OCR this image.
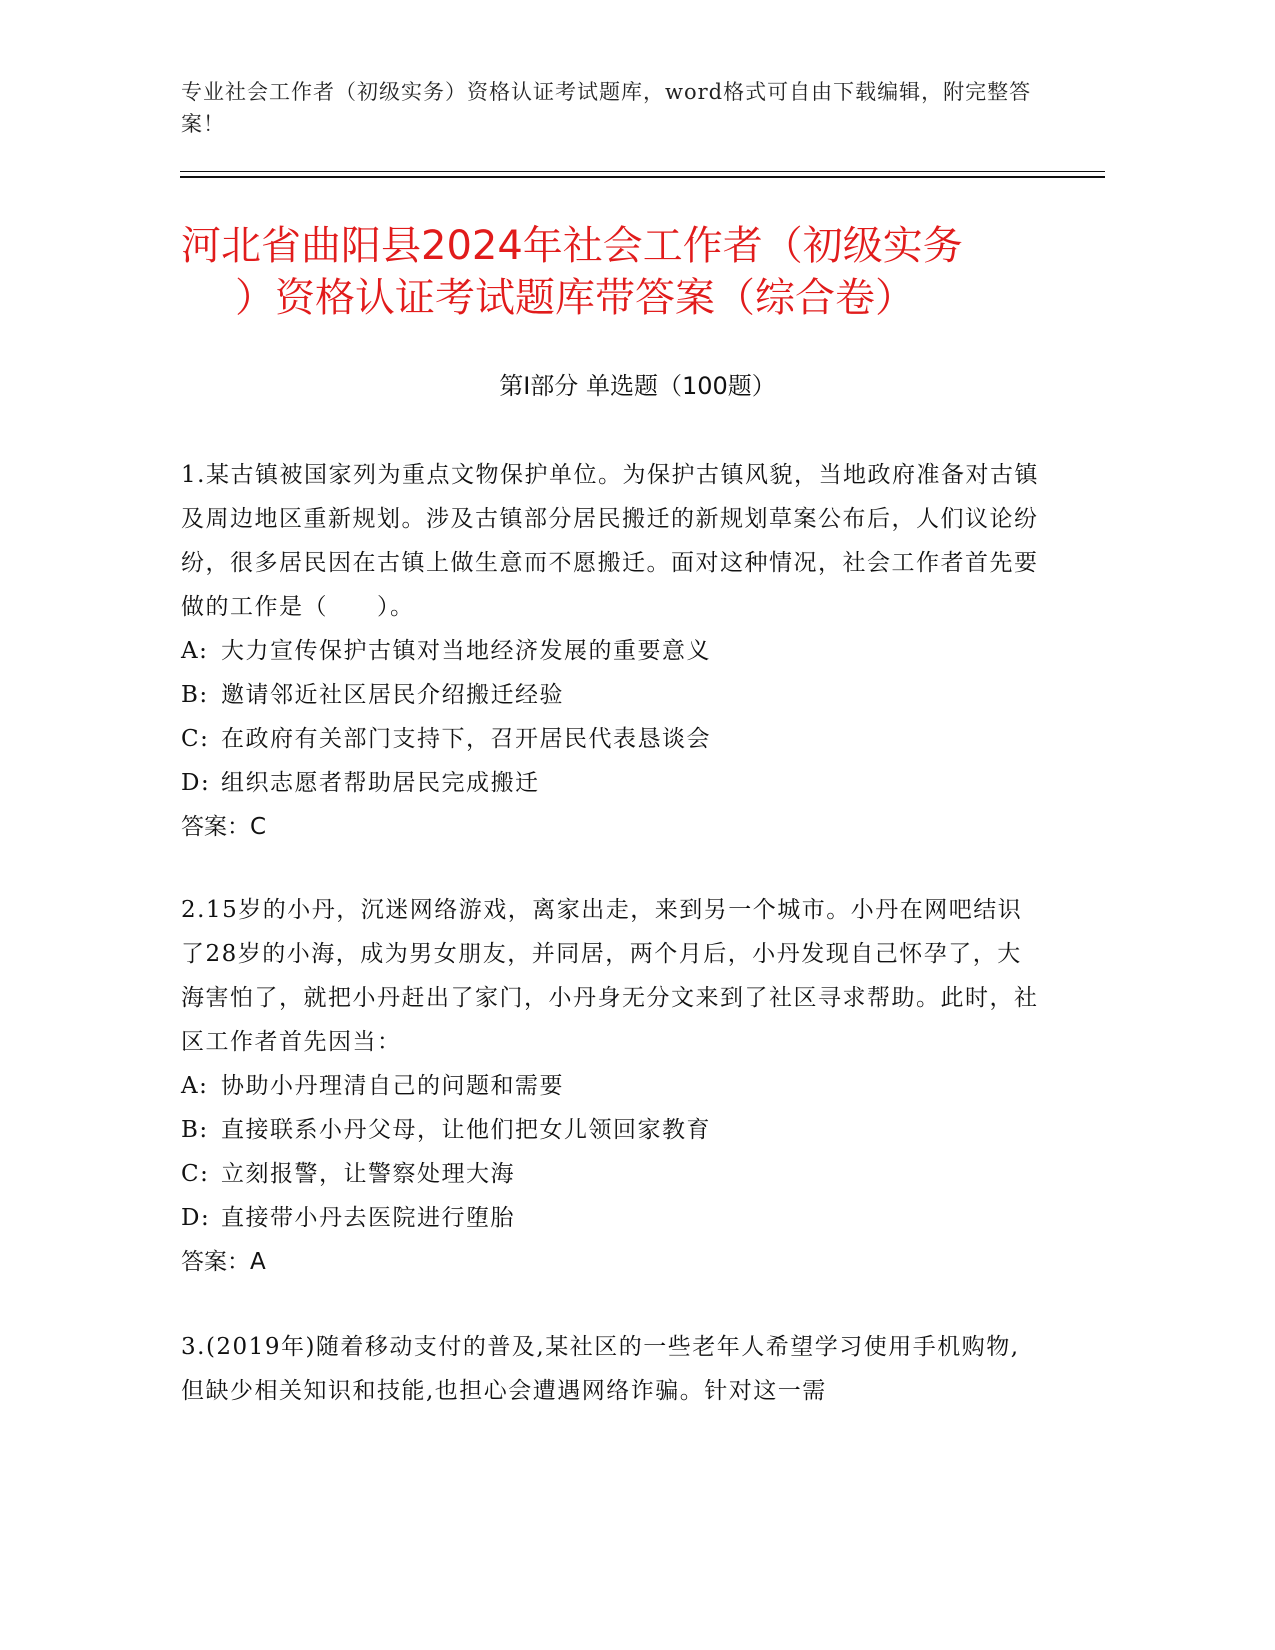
专业社会工作者（初级实务）资格认证考试题库，word格式可自由下载编辑，附完整答案！
河北省曲阳县2024年社会工作者（初级实务
）资格认证考试题库带答案（综合卷）
第I部分 单选题（100题）
1.某古镇被国家列为重点文物保护单位。为保护古镇风貌，当地政府准备对古镇及周边地区重新规划。涉及古镇部分居民搬迁的新规划草案公布后，人们议论纷纷，很多居民因在古镇上做生意而不愿搬迁。面对这种情况，社会工作者首先要做的工作是（　　）。
A: 大力宣传保护古镇对当地经济发展的重要意义
B: 邀请邻近社区居民介绍搬迁经验
C: 在政府有关部门支持下，召开居民代表恳谈会
D: 组织志愿者帮助居民完成搬迁
答案：C
2.15岁的小丹，沉迷网络游戏，离家出走，来到另一个城市。小丹在网吧结识了28岁的小海，成为男女朋友，并同居，两个月后，小丹发现自己怀孕了，大海害怕了，就把小丹赶出了家门，小丹身无分文来到了社区寻求帮助。此时，社区工作者首先因当：
A: 协助小丹理清自己的问题和需要
B: 直接联系小丹父母，让他们把女儿领回家教育
C: 立刻报警，让警察处理大海
D: 直接带小丹去医院进行堕胎
答案：A
3.(2019年)随着移动支付的普及,某社区的一些老年人希望学习使用手机购物,但缺少相关知识和技能,也担心会遭遇网络诈骗。针对这一需
